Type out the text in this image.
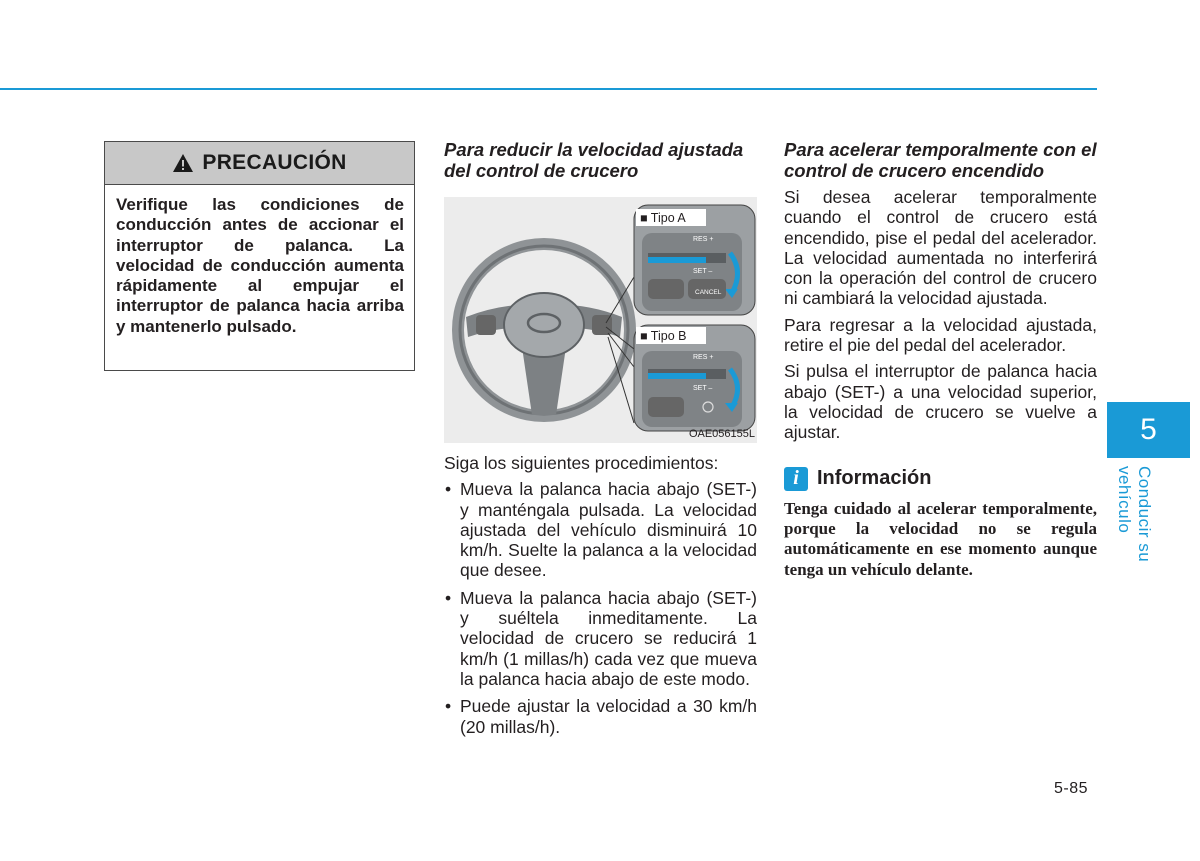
PRECAUCIÓN
Verifique las condiciones de conducción antes de accionar el interruptor de palanca. La velocidad de conducción aumenta rápidamente al empujar el interruptor de palanca hacia arriba y mantenerlo pulsado.

Para reducir la velocidad ajustada del control de crucero

■ Tipo A
■ Tipo B
RES +
SET –
CANCEL
RES +
SET –
OAE056155L

Siga los siguientes procedimientos:

• Mueva la palanca hacia abajo (SET-) y manténgala pulsada. La velocidad ajustada del vehículo disminuirá 10 km/h. Suelte la palanca a la velocidad que desee.
• Mueva la palanca hacia abajo (SET-) y suéltela inmeditamente. La velocidad de crucero se reducirá 1 km/h (1 millas/h) cada vez que mueva la palanca hacia abajo de este modo.
• Puede ajustar la velocidad a 30 km/h (20 millas/h).

Para acelerar temporalmente con el control de crucero encendido

Si desea acelerar temporalmente cuando el control de crucero está encendido, pise el pedal del acelerador. La velocidad aumentada no interferirá con la operación del control de crucero ni cambiará la velocidad ajustada.

Para regresar a la velocidad ajustada, retire el pie del pedal del acelerador.

Si pulsa el interruptor de palanca hacia abajo (SET-) a una velocidad superior, la velocidad de crucero se vuelve a ajustar.

i Información

Tenga cuidado al acelerar temporalmente, porque la velocidad no se regula automáticamente en ese momento aunque tenga un vehículo delante.

5
Conducir su vehículo
5-85
